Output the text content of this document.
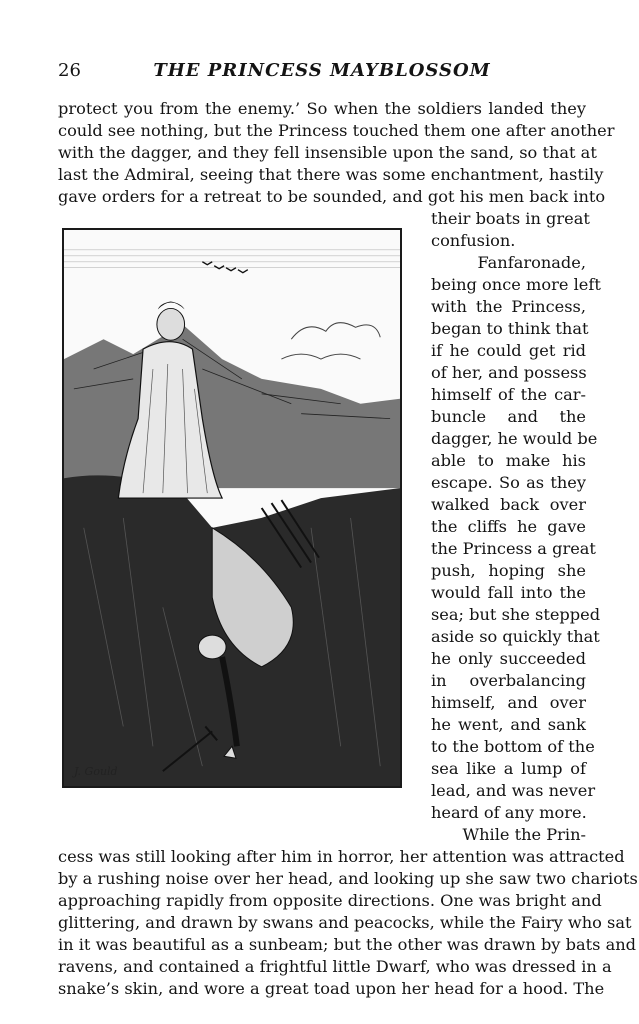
26	THE PRINCESS MAYBLOSSOM
protect you from the enemy.’ So when the soldiers landed they
could see nothing, but the Princess touched them one after another
with the dagger, and they fell insensible upon the sand, so that at
last the Admiral, seeing that there was some enchantment, hastily
gave orders for a retreat to be sounded, and got his men back into
J. Gould
their boats in great
confusion.
Fanfaronade,
being once more left
with the Princess,
began to think that
if he could get rid
of her, and possess
himself of the car-
buncle and the
dagger, he would be
able to make his
escape. So as they
walked back over
the cliffs he gave
the Princess a great
push, hoping she
would fall into the
sea; but she stepped
aside so quickly that
he only succeeded
in overbalancing
himself, and over
he went, and sank
to the bottom of the
sea like a lump of
lead, and was never
heard of any more.
While the Prin-
cess was still looking after him in horror, her attention was attracted
by a rushing noise over her head, and looking up she saw two chariots
approaching rapidly from opposite directions. One was bright and
glittering, and drawn by swans and peacocks, while the Fairy who sat
in it was beautiful as a sunbeam; but the other was drawn by bats and
ravens, and contained a frightful little Dwarf, who was dressed in a
snake’s skin, and wore a great toad upon her head for a hood. The
